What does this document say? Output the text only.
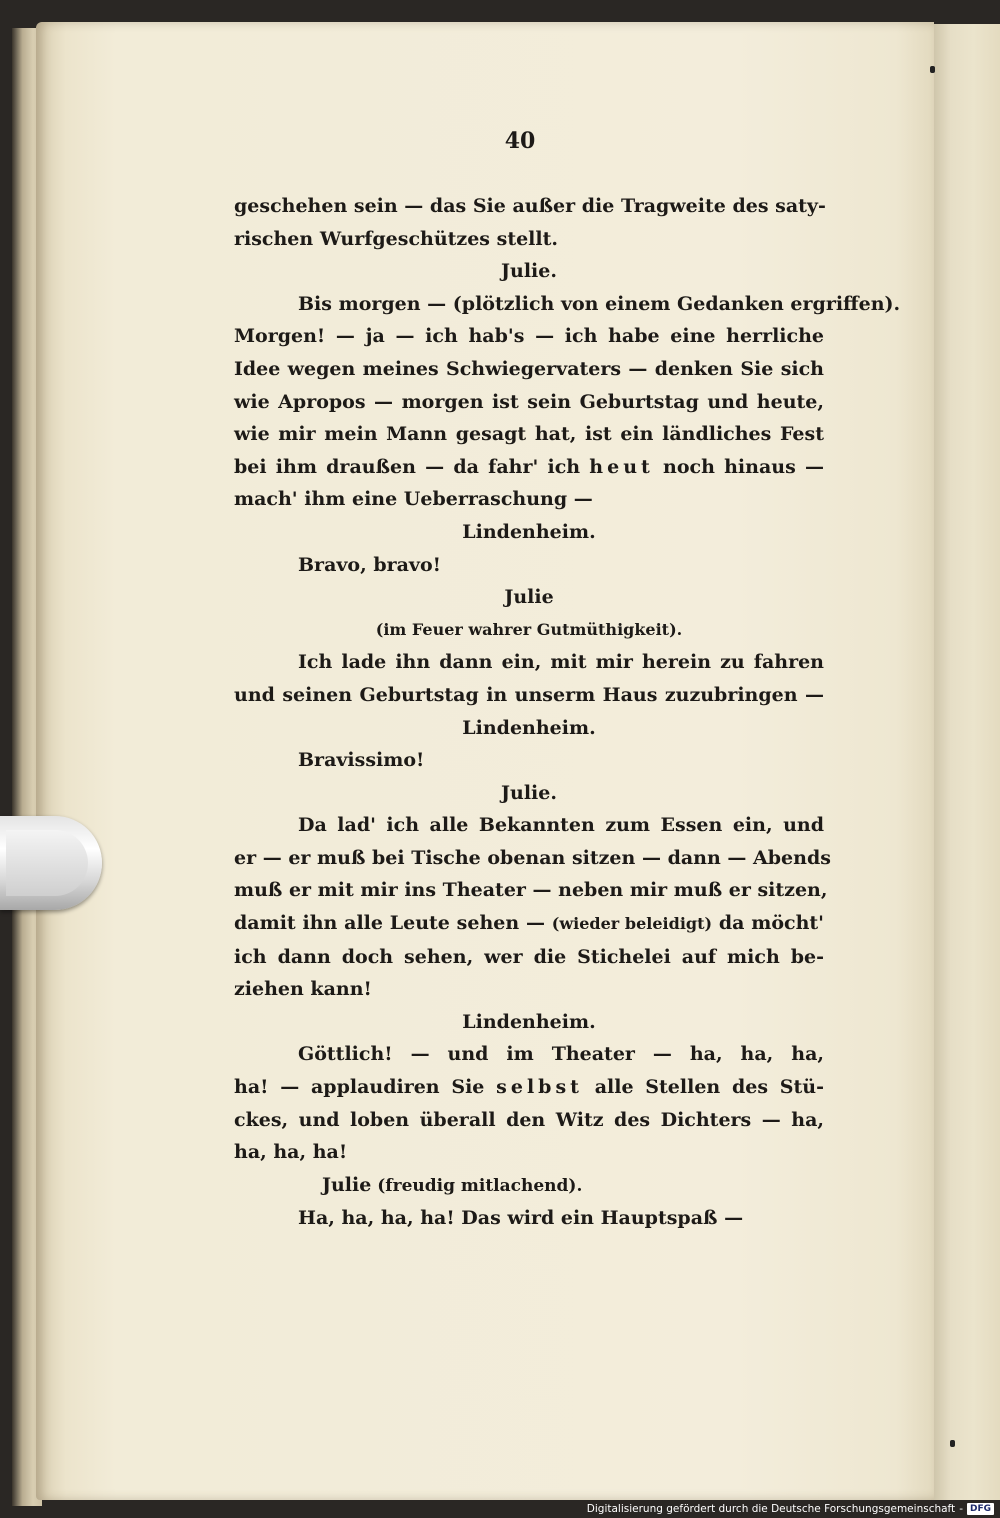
40
geschehen sein — das Sie außer die Tragweite des saty-
rischen Wurfgeschützes stellt.
Julie.
Bis morgen — (plötzlich von einem Gedanken ergriffen).
Morgen! — ja — ich hab's — ich habe eine herrliche
Idee wegen meines Schwiegervaters — denken Sie sich
wie Apropos — morgen ist sein Geburtstag und heute,
wie mir mein Mann gesagt hat, ist ein ländliches Fest
bei ihm draußen — da fahr' ich heut noch hinaus —
mach' ihm eine Ueberraschung —
Lindenheim.
Bravo, bravo!
Julie
(im Feuer wahrer Gutmüthigkeit).
Ich lade ihn dann ein, mit mir herein zu fahren
und seinen Geburtstag in unserm Haus zuzubringen —
Lindenheim.
Bravissimo!
Julie.
Da lad' ich alle Bekannten zum Essen ein, und
er — er muß bei Tische obenan sitzen — dann — Abends
muß er mit mir ins Theater — neben mir muß er sitzen,
damit ihn alle Leute sehen — (wieder beleidigt) da möcht'
ich dann doch sehen, wer die Stichelei auf mich be-
ziehen kann!
Lindenheim.
Göttlich! — und im Theater — ha, ha, ha,
ha! — applaudiren Sie selbst alle Stellen des Stü-
ckes, und loben überall den Witz des Dichters — ha,
ha, ha, ha!
Julie (freudig mitlachend).
Ha, ha, ha, ha! Das wird ein Hauptspaß —
Digitalisierung gefördert durch die Deutsche Forschungsgemeinschaft - DFG
